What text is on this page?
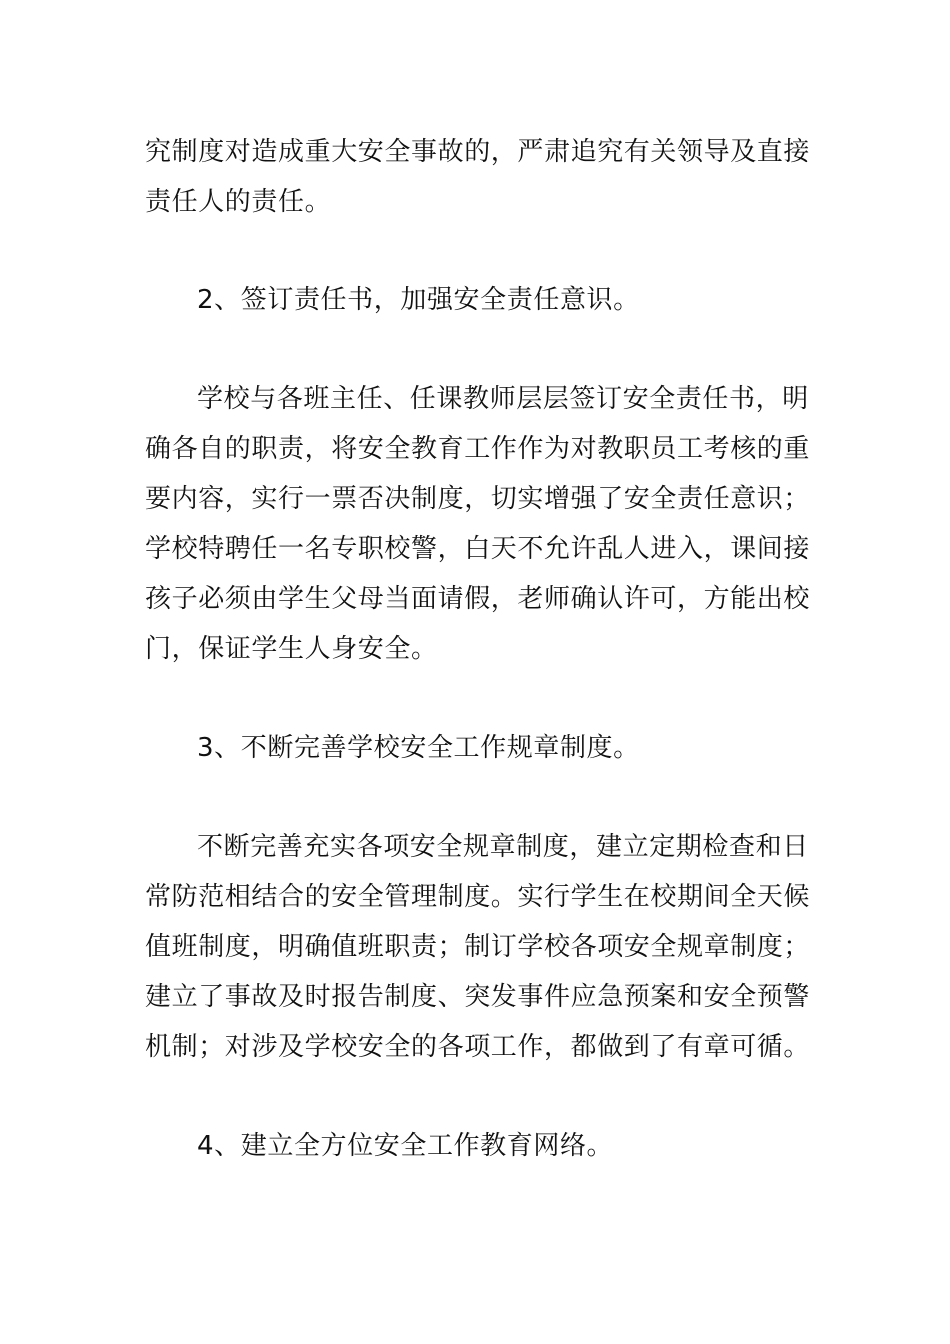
究制度对造成重大安全事故的，严肃追究有关领导及直接
责任人的责任。
2、签订责任书，加强安全责任意识。
学校与各班主任、任课教师层层签订安全责任书，明
确各自的职责，将安全教育工作作为对教职员工考核的重
要内容，实行一票否决制度，切实增强了安全责任意识；
学校特聘任一名专职校警，白天不允许乱人进入，课间接
孩子必须由学生父母当面请假，老师确认许可，方能出校
门，保证学生人身安全。
3、不断完善学校安全工作规章制度。
不断完善充实各项安全规章制度，建立定期检查和日
常防范相结合的安全管理制度。实行学生在校期间全天候
值班制度，明确值班职责；制订学校各项安全规章制度；
建立了事故及时报告制度、突发事件应急预案和安全预警
机制；对涉及学校安全的各项工作，都做到了有章可循。
4、建立全方位安全工作教育网络。
